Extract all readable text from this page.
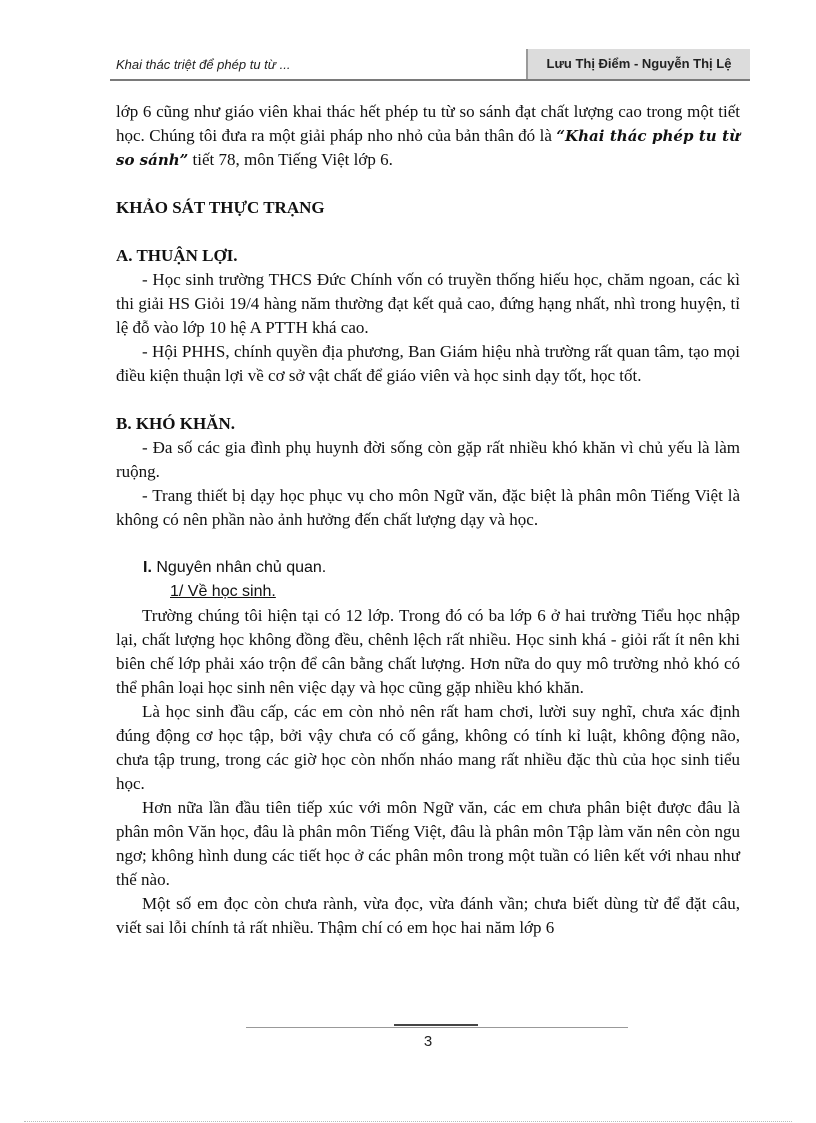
Khai thác triệt để phép tu từ ...	Lưu Thị Điểm - Nguyễn Thị Lệ

lớp 6 cũng như giáo viên khai thác hết phép tu từ so sánh đạt chất lượng cao trong một tiết học. Chúng tôi đưa ra một giải pháp nho nhỏ của bản thân đó là “Khai thác phép tu từ so sánh” tiết 78, môn Tiếng Việt lớp 6.

KHẢO SÁT THỰC TRẠNG

A. THUẬN LỢI.

- Học sinh trường THCS Đức Chính vốn có truyền thống hiếu học, chăm ngoan, các kì thi giải HS Giỏi 19/4 hàng năm thường đạt kết quả cao, đứng hạng nhất, nhì trong huyện, tỉ lệ đỗ vào lớp 10 hệ A PTTH khá cao.

- Hội PHHS, chính quyền địa phương, Ban Giám hiệu nhà trường rất quan tâm, tạo mọi điều kiện thuận lợi về cơ sở vật chất để giáo viên và học sinh dạy tốt, học tốt.

B. KHÓ KHĂN.

- Đa số các gia đình phụ huynh đời sống còn gặp rất nhiều khó khăn vì chủ yếu là làm ruộng.

- Trang thiết bị dạy học phục vụ cho môn Ngữ văn, đặc biệt là phân môn Tiếng Việt là không có nên phần nào ảnh hưởng đến chất lượng dạy và học.

I. Nguyên nhân chủ quan.

1/ Về học sinh.

Trường chúng tôi hiện tại có 12 lớp. Trong đó có ba lớp 6 ở hai trường Tiểu học nhập lại, chất lượng học không đồng đều, chênh lệch rất nhiều. Học sinh khá - giỏi rất ít nên khi biên chế lớp phải xáo trộn để cân bằng chất lượng. Hơn nữa do quy mô trường nhỏ khó có thể phân loại học sinh nên việc dạy và học cũng gặp nhiều khó khăn.

Là học sinh đầu cấp, các em còn nhỏ nên rất ham chơi, lười suy nghĩ, chưa xác định đúng động cơ học tập, bởi vậy chưa có cố gắng, không có tính kỉ luật, không động não, chưa tập trung, trong các giờ học còn nhốn nháo mang rất nhiều đặc thù của học sinh tiểu học.

Hơn nữa lần đầu tiên tiếp xúc với môn Ngữ văn, các em chưa phân biệt được đâu là phân môn Văn học, đâu là phân môn Tiếng Việt, đâu là phân môn Tập làm văn nên còn ngu ngơ; không hình dung các tiết học ở các phân môn trong một tuần có liên kết với nhau như thế nào.

Một số em đọc còn chưa rành, vừa đọc, vừa đánh vần; chưa biết dùng từ để đặt câu, viết sai lỗi chính tả rất nhiều. Thậm chí có em học hai năm lớp 6

3
